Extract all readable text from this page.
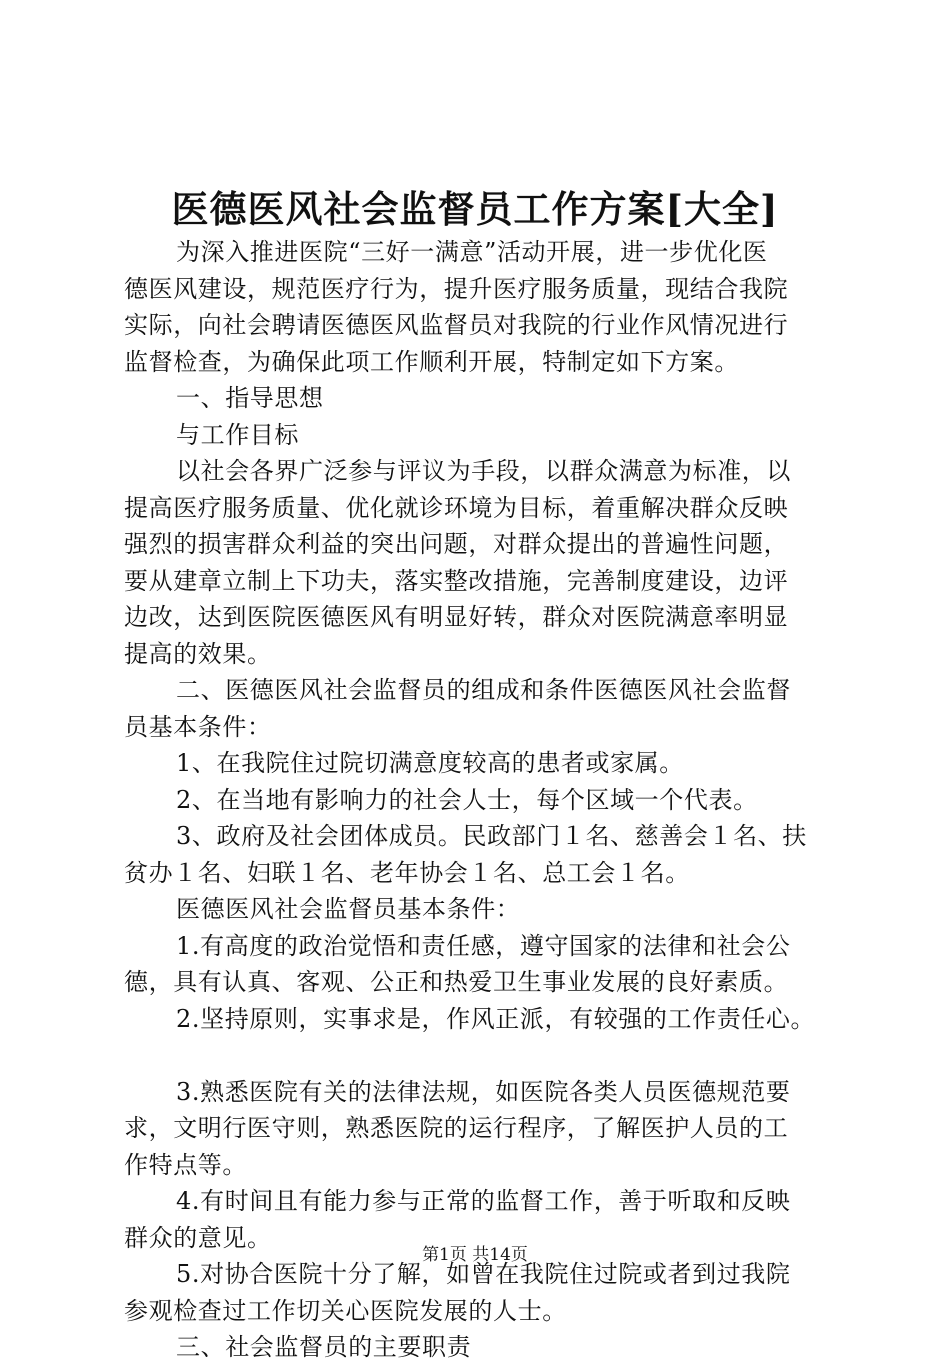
医德医风社会监督员工作方案[大全]
为深入推进医院“三好一满意”活动开展，进一步优化医
德医风建设，规范医疗行为，提升医疗服务质量，现结合我院
实际，向社会聘请医德医风监督员对我院的行业作风情况进行
监督检查，为确保此项工作顺利开展，特制定如下方案。
一、指导思想
与工作目标
以社会各界广泛参与评议为手段，以群众满意为标准，以
提高医疗服务质量、优化就诊环境为目标，着重解决群众反映
强烈的损害群众利益的突出问题，对群众提出的普遍性问题，
要从建章立制上下功夫，落实整改措施，完善制度建设，边评
边改，达到医院医德医风有明显好转，群众对医院满意率明显
提高的效果。
二、医德医风社会监督员的组成和条件医德医风社会监督
员基本条件：
1、在我院住过院切满意度较高的患者或家属。
2、在当地有影响力的社会人士，每个区域一个代表。
3、政府及社会团体成员。民政部门１名、慈善会１名、扶
贫办１名、妇联１名、老年协会１名、总工会１名。
医德医风社会监督员基本条件：
1.有高度的政治觉悟和责任感，遵守国家的法律和社会公
德，具有认真、客观、公正和热爱卫生事业发展的良好素质。
2.坚持原则，实事求是，作风正派，有较强的工作责任心。
3.熟悉医院有关的法律法规，如医院各类人员医德规范要
求，文明行医守则，熟悉医院的运行程序，了解医护人员的工
作特点等。
4.有时间且有能力参与正常的监督工作，善于听取和反映
群众的意见。
5.对协合医院十分了解，如曾在我院住过院或者到过我院
参观检查过工作切关心医院发展的人士。
三、社会监督员的主要职责
第1页 共14页
